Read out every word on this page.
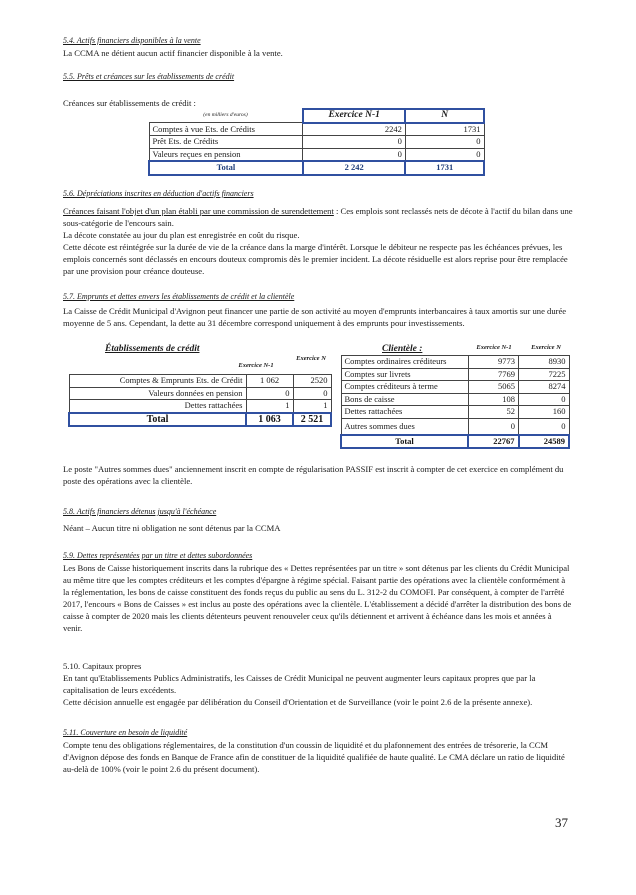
5.4. Actifs financiers disponibles à la vente

La CCMA ne détient aucun actif financier disponible à la vente.

5.5. Prêts et créances sur les établissements de crédit

Créances sur établissements de crédit :

(en milliers d'euros)	Exercice N-1	N
Comptes à vue Ets. de Crédits	2242	1731
Prêt Ets. de Crédits	0	0
Valeurs reçues en pension	0	0
Total	2 242	1731

5.6. Dépréciations inscrites en déduction d'actifs financiers

Créances faisant l'objet d'un plan établi par une commission de surendettement : Ces emplois sont reclassés nets de décote à l'actif du bilan dans une sous-catégorie de l'encours sain.

La décote constatée au jour du plan est enregistrée en coût du risque.

Cette décote est réintégrée sur la durée de vie de la créance dans la marge d'intérêt. Lorsque le débiteur ne respecte pas les échéances prévues, les emplois concernés sont déclassés en encours douteux compromis dès le premier incident. La décote résiduelle est alors reprise pour être remplacée par une provision pour créance douteuse.

5.7. Emprunts et dettes envers les établissements de crédit et la clientèle

La Caisse de Crédit Municipal d'Avignon peut financer une partie de son activité au moyen d'emprunts interbancaires à taux amortis sur une durée moyenne de 5 ans. Cependant, la dette au 31 décembre correspond uniquement à des emprunts pour investissements.

Établissements de crédit
Exercice N-1
Exercice N
Comptes & Emprunts Ets. de Crédit	1 062	2520
Valeurs données en pension	0	0
Dettes rattachées	1	1
Total	1 063	2 521
Clientèle :	Exercice N-1	Exercice N
Comptes ordinaires créditeurs	9773	8930
Comptes sur livrets	7769	7225
Comptes créditeurs à terme	5065	8274
Bons de caisse	108	0
Dettes rattachées	52	160
Autres sommes dues	0	0
Total	22767	24589

Le poste "Autres sommes dues" anciennement inscrit en compte de régularisation PASSIF est inscrit à compter de cet exercice en complément du poste des opérations avec la clientèle.

5.8. Actifs financiers détenus jusqu'à l'échéance

Néant – Aucun titre ni obligation ne sont détenus par la CCMA

5.9. Dettes représentées par un titre et dettes subordonnées

Les Bons de Caisse historiquement inscrits dans la rubrique des « Dettes représentées par un titre » sont détenus par les clients du Crédit Municipal au même titre que les comptes créditeurs et les comptes d'épargne à régime spécial. Faisant partie des opérations avec la clientèle conformément à la réglementation, les bons de caisse constituent des fonds reçus du public au sens du L. 312-2 du COMOFI. Par conséquent, à compter de l'arrêté 2017, l'encours « Bons de Caisses » est inclus au poste des opérations avec la clientèle. L'établissement a décidé d'arrêter la distribution des bons de caisse à compter de 2020 mais les clients détenteurs peuvent renouveler ceux qu'ils détiennent et arrivent à échéance dans les mois et années à venir.

5.10. Capitaux propres

En tant qu'Etablissements Publics Administratifs, les Caisses de Crédit Municipal ne peuvent augmenter leurs capitaux propres que par la capitalisation de leurs excédents.

Cette décision annuelle est engagée par délibération du Conseil d'Orientation et de Surveillance (voir le point 2.6 de la présente annexe).

5.11. Couverture en besoin de liquidité

Compte tenu des obligations réglementaires, de la constitution d'un coussin de liquidité et du plafonnement des entrées de trésorerie, la CCM d'Avignon dépose des fonds en Banque de France afin de constituer de la liquidité qualifiée de haute qualité. Le CMA déclare un ratio de liquidité au-delà de 100% (voir le point 2.6 du présent document).

37
